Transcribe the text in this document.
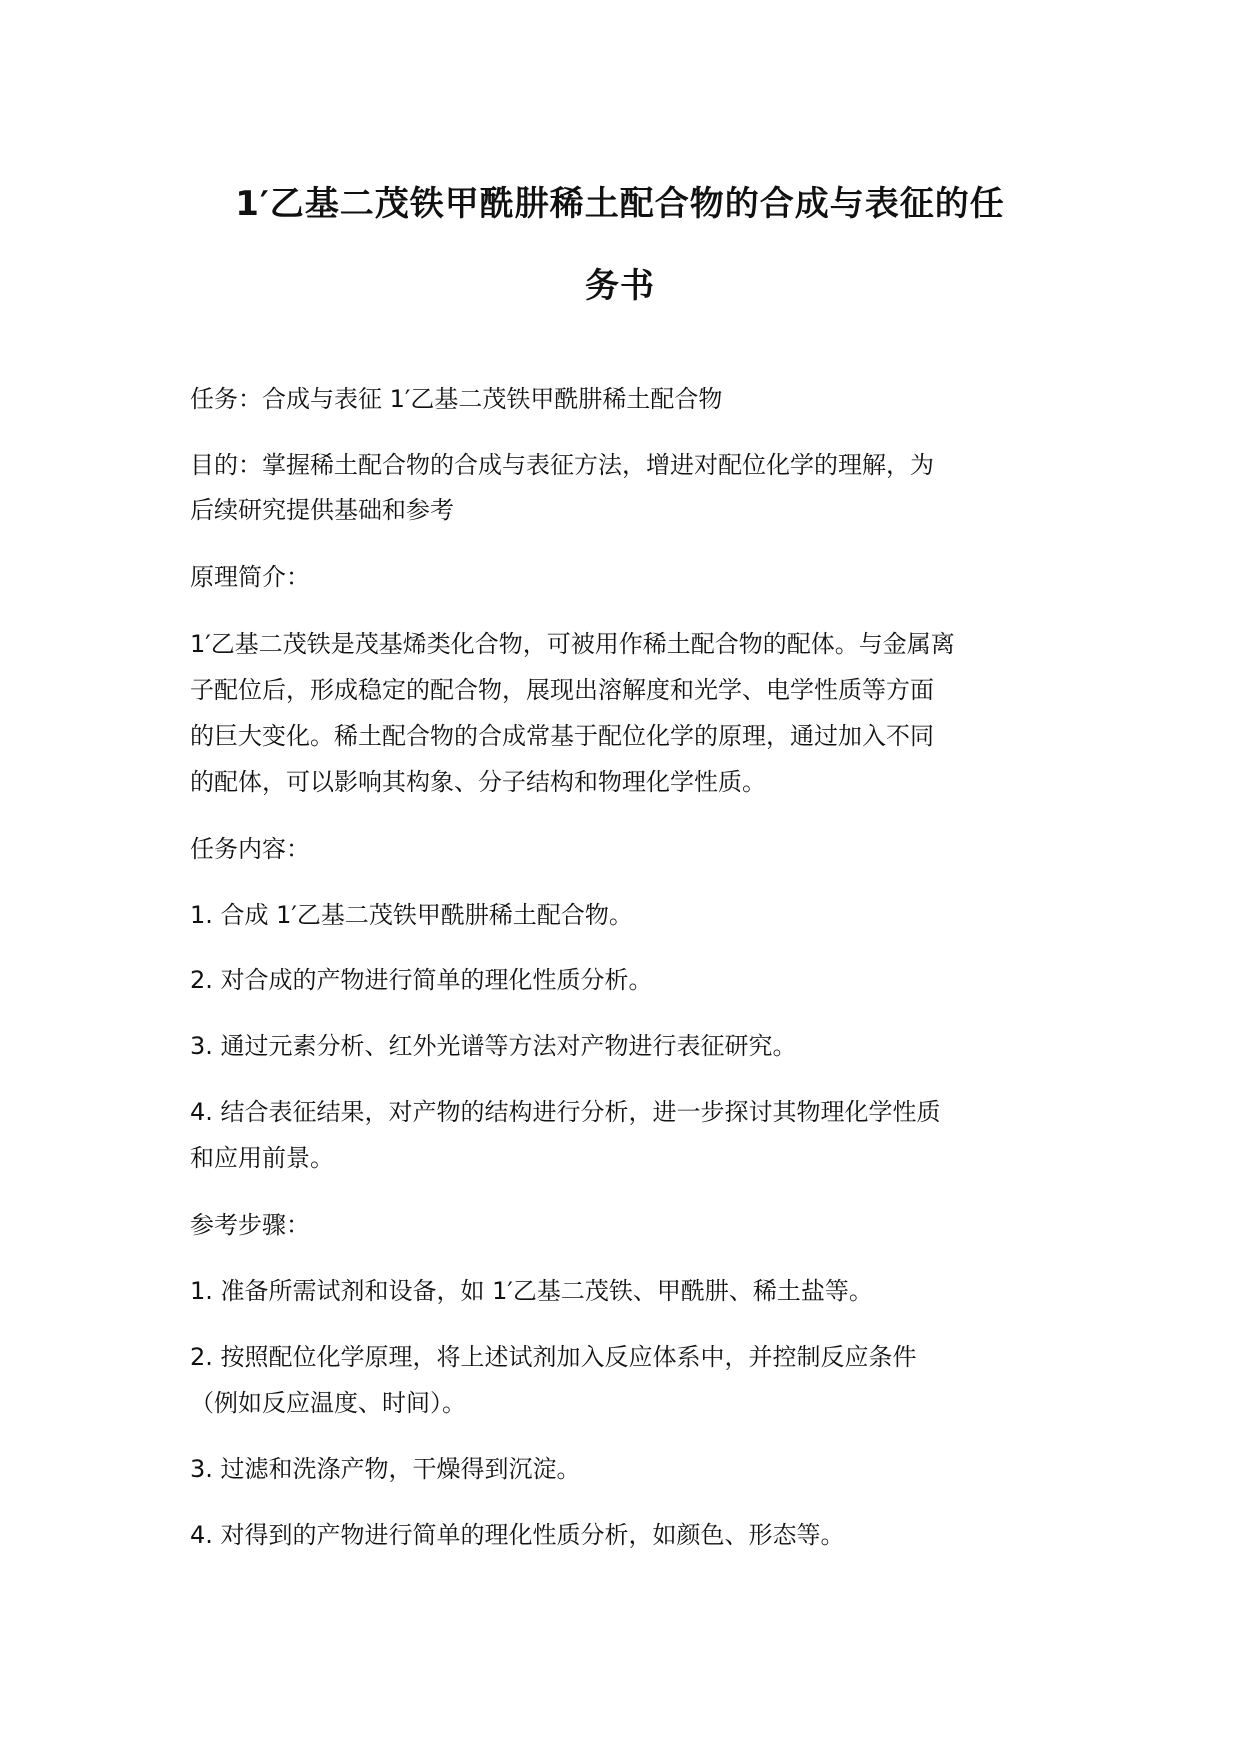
1′乙基二茂铁甲酰肼稀土配合物的合成与表征的任
务书

任务：合成与表征 1′乙基二茂铁甲酰肼稀土配合物

目的：掌握稀土配合物的合成与表征方法，增进对配位化学的理解，为

后续研究提供基础和参考

原理简介：

1′乙基二茂铁是茂基烯类化合物，可被用作稀土配合物的配体。与金属离

子配位后，形成稳定的配合物，展现出溶解度和光学、电学性质等方面

的巨大变化。稀土配合物的合成常基于配位化学的原理，通过加入不同

的配体，可以影响其构象、分子结构和物理化学性质。

任务内容：

1. 合成 1′乙基二茂铁甲酰肼稀土配合物。

2. 对合成的产物进行简单的理化性质分析。

3. 通过元素分析、红外光谱等方法对产物进行表征研究。

4. 结合表征结果，对产物的结构进行分析，进一步探讨其物理化学性质

和应用前景。

参考步骤：

1. 准备所需试剂和设备，如 1′乙基二茂铁、甲酰肼、稀土盐等。

2. 按照配位化学原理，将上述试剂加入反应体系中，并控制反应条件

（例如反应温度、时间）。

3. 过滤和洗涤产物，干燥得到沉淀。

4. 对得到的产物进行简单的理化性质分析，如颜色、形态等。
